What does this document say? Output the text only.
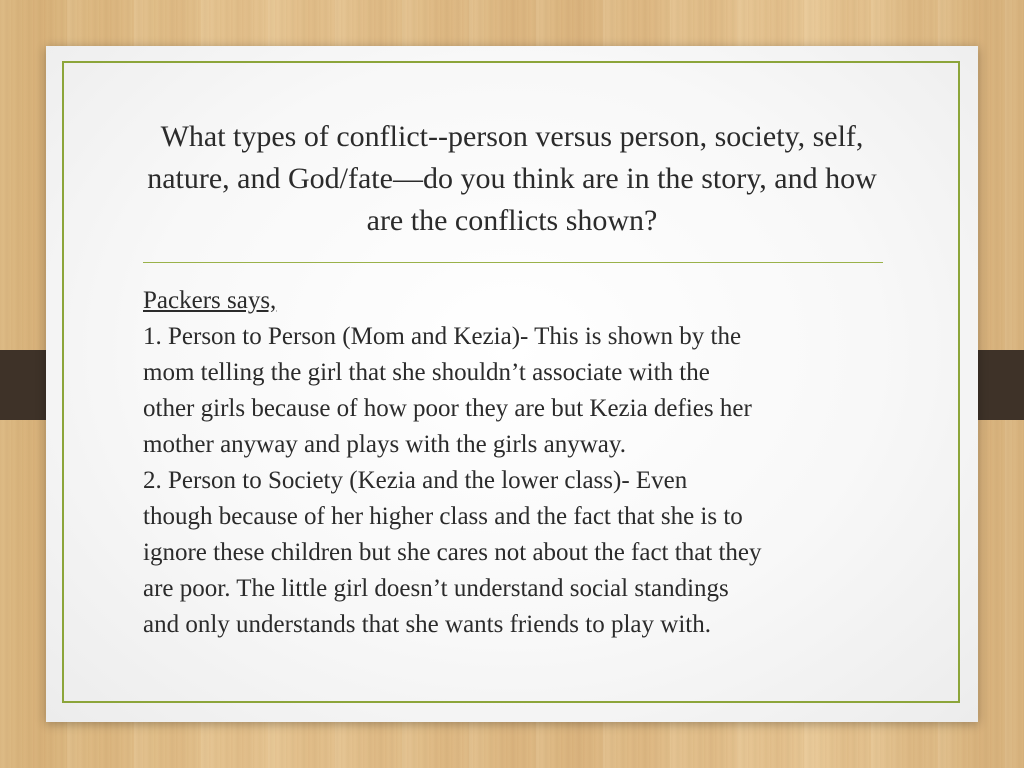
What types of conflict--person versus person, society, self, nature, and God/fate—do you think are in the story, and how are the conflicts shown?

Packers says,

1. Person to Person (Mom and Kezia)- This is shown by the

mom telling the girl that she shouldn’t associate with the

other girls because of how poor they are but Kezia defies her

mother anyway and plays with the girls anyway.

2. Person to Society (Kezia and the lower class)- Even

though because of her higher class and the fact that she is to

ignore these children but she cares not about the fact that they

are poor. The little girl doesn’t understand social standings

and only understands that she wants friends to play with.
